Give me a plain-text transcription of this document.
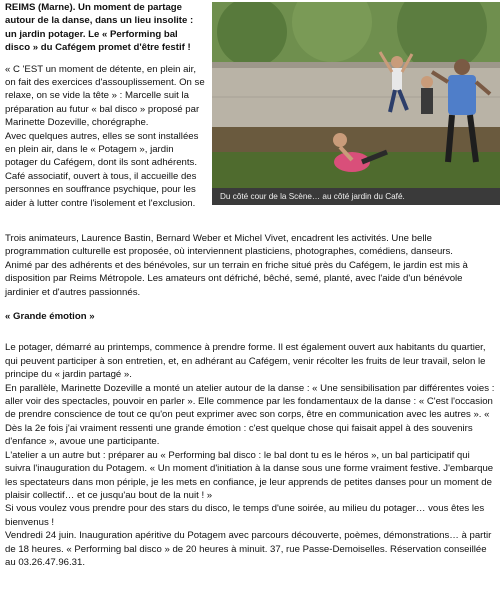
REIMS (Marne). Un moment de partage autour de la danse, dans un lieu insolite : un jardin potager. Le « Performing bal disco » du Cafégem promet d'être festif !

« C 'EST un moment de détente, en plein air, on fait des exercices d'assouplissement. On se relaxe, on se vide la tête » : Marcelle suit la préparation au futur « bal disco » proposé par Marinette Dozeville, chorégraphe.

Avec quelques autres, elles se sont installées en plein air, dans le « Potagem », jardin potager du Cafégem, dont ils sont adhérents. Café associatif, ouvert à tous, il accueille des personnes en souffrance psychique, pour les aider à lutter contre l'isolement et l'exclusion.

Du côté cour de la Scène… au côté jardin du Café.

Trois animateurs, Laurence Bastin, Bernard Weber et Michel Vivet, encadrent les activités. Une belle programmation culturelle est proposée, où interviennent plasticiens, photographes, comédiens, danseurs.

Animé par des adhérents et des bénévoles, sur un terrain en friche situé près du Cafégem, le jardin est mis à disposition par Reims Métropole. Les amateurs ont défriché, bêché, semé, planté, avec l'aide d'un bénévole jardinier et d'autres passionnés.

« Grande émotion »

Le potager, démarré au printemps, commence à prendre forme. Il est également ouvert aux habitants du quartier, qui peuvent participer à son entretien, et, en adhérant au Cafégem, venir récolter les fruits de leur travail, selon le principe du « jardin partagé ».

En parallèle, Marinette Dozeville a monté un atelier autour de la danse : « Une sensibilisation par différentes voies : aller voir des spectacles, pouvoir en parler ». Elle commence par les fondamentaux de la danse : « C'est l'occasion de prendre conscience de tout ce qu'on peut exprimer avec son corps, être en communication avec les autres ». « Dès la 2e fois j'ai vraiment ressenti une grande émotion : c'est quelque chose qui faisait appel à des souvenirs d'enfance », avoue une participante.

L'atelier a un autre but : préparer au « Performing bal disco : le bal dont tu es le héros », un bal participatif qui suivra l'inauguration du Potagem. « Un moment d'initiation à la danse sous une forme vraiment festive. J'embarque les spectateurs dans mon périple, je les mets en confiance, je leur apprends de petites danses pour un moment de plaisir collectif… et ce jusqu'au bout de la nuit ! »

Si vous voulez vous prendre pour des stars du disco, le temps d'une soirée, au milieu du potager… vous êtes les bienvenus !

Vendredi 24 juin. Inauguration apéritive du Potagem avec parcours découverte, poèmes, démonstrations… à partir de 18 heures. « Performing bal disco » de 20 heures à minuit. 37, rue Passe-Demoiselles. Réservation conseillée au 03.26.47.96.31.
